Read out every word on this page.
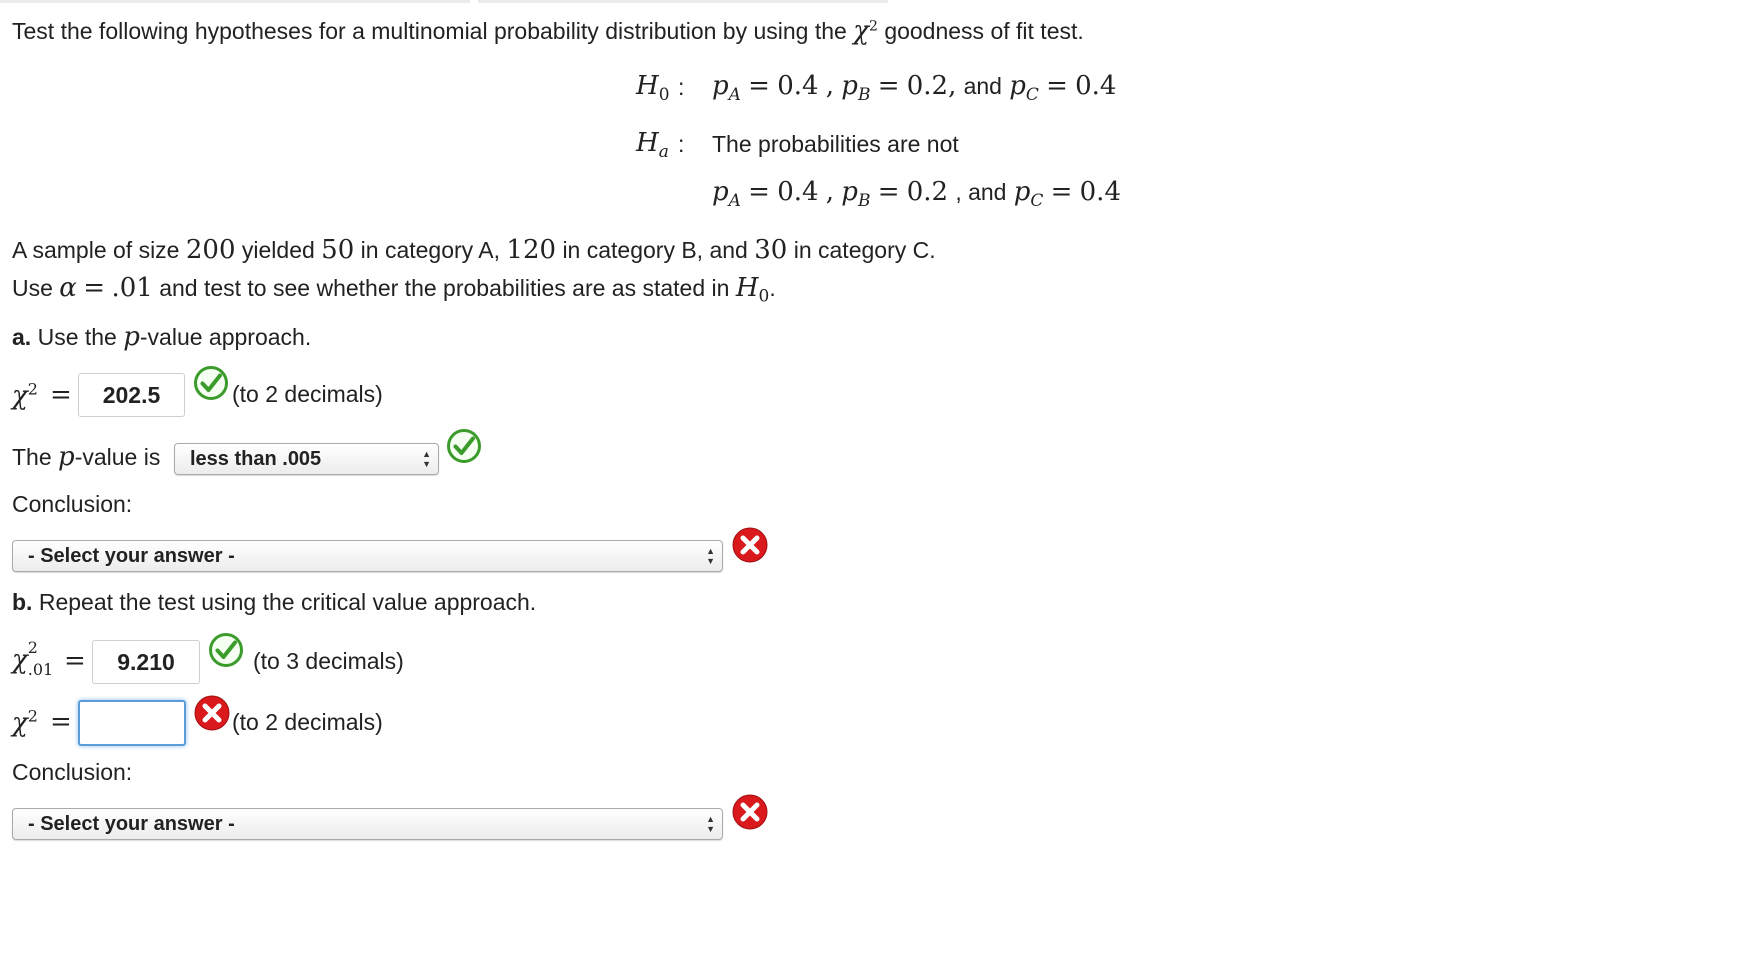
Test the following hypotheses for a multinomial probability distribution by using the $\chi^2$ goodness of fit test.
$H_0$ : $p_A = 0.4$ , $p_B = 0.2$, and $p_C = 0.4$
$H_a$ : The probabilities are not
$p_A = 0.4$ , $p_B = 0.2$ , and $p_C = 0.4$
A sample of size 200 yielded 50 in category A, 120 in category B, and 30 in category C.
Use α = .01 and test to see whether the probabilities are as stated in $H_0$.
a. Use the p-value approach.
$\chi^2$ =	202.5	(to 2 decimals)
The p-value is	less than .005	▲
▼
Conclusion:
- Select your answer -	▲
▼
b. Repeat the test using the critical value approach.
χ 2
.01 =	9.210	(to 3 decimals)
$\chi^2$ =	(to 2 decimals)
Conclusion:
- Select your answer -	▲
▼
